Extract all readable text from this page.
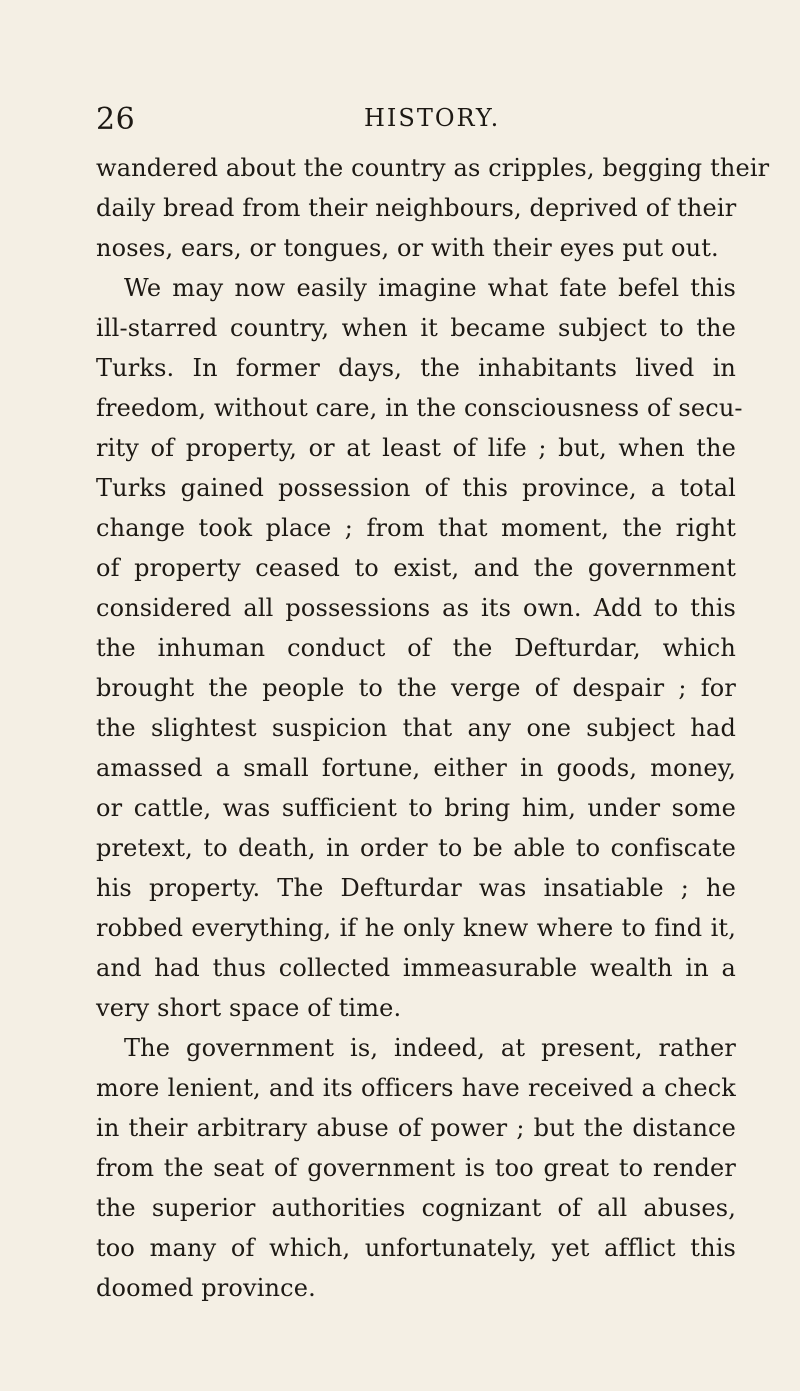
26	HISTORY.
wandered about the country as cripples, begging their
daily bread from their neighbours, deprived of their
noses, ears, or tongues, or with their eyes put out.
We may now easily imagine what fate befel this
ill-starred country, when it became subject to the
Turks. In former days, the inhabitants lived in
freedom, without care, in the consciousness of secu-
rity of property, or at least of life ; but, when the
Turks gained possession of this province, a total
change took place ; from that moment, the right
of property ceased to exist, and the government
considered all possessions as its own. Add to this
the inhuman conduct of the Defturdar, which
brought the people to the verge of despair ; for
the slightest suspicion that any one subject had
amassed a small fortune, either in goods, money,
or cattle, was sufficient to bring him, under some
pretext, to death, in order to be able to confiscate
his property. The Defturdar was insatiable ; he
robbed everything, if he only knew where to find it,
and had thus collected immeasurable wealth in a
very short space of time.
The government is, indeed, at present, rather
more lenient, and its officers have received a check
in their arbitrary abuse of power ; but the distance
from the seat of government is too great to render
the superior authorities cognizant of all abuses,
too many of which, unfortunately, yet afflict this
doomed province.
